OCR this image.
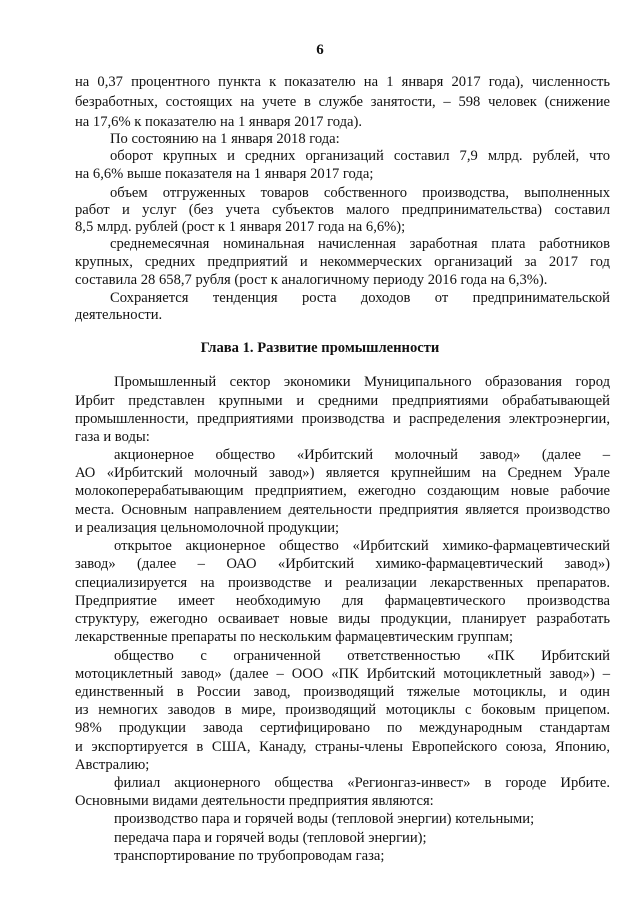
6
на 0,37 процентного пункта к показателю на 1 января 2017 года), численность
безработных, состоящих на учете в службе занятости, – 598 человек (снижение
на 17,6% к показателю на 1 января 2017 года).
По состоянию на 1 января 2018 года:
оборот крупных и средних организаций составил 7,9 млрд. рублей, что
на 6,6% выше показателя на 1 января 2017 года;
объем отгруженных товаров собственного производства, выполненных
работ и услуг (без учета субъектов малого предпринимательства) составил
8,5 млрд. рублей (рост к 1 января 2017 года на 6,6%);
среднемесячная номинальная начисленная заработная плата работников
крупных, средних предприятий и некоммерческих организаций за 2017 год
составила 28 658,7 рубля (рост к аналогичному периоду 2016 года на 6,3%).
Сохраняется тенденция роста доходов от предпринимательской
деятельности.
Глава 1. Развитие промышленности
Промышленный сектор экономики Муниципального образования город
Ирбит представлен крупными и средними предприятиями обрабатывающей
промышленности, предприятиями производства и распределения электроэнергии,
газа и воды:
акционерное общество «Ирбитский молочный завод» (далее –
АО «Ирбитский молочный завод») является крупнейшим на Среднем Урале
молокоперерабатывающим предприятием, ежегодно создающим новые рабочие
места. Основным направлением деятельности предприятия является производство
и реализация цельномолочной продукции;
открытое акционерное общество «Ирбитский химико-фармацевтический
завод» (далее – ОАО «Ирбитский химико-фармацевтический завод»)
специализируется на производстве и реализации лекарственных препаратов.
Предприятие имеет необходимую для фармацевтического производства
структуру, ежегодно осваивает новые виды продукции, планирует разработать
лекарственные препараты по нескольким фармацевтическим группам;
общество с ограниченной ответственностью «ПК Ирбитский
мотоциклетный завод» (далее – ООО «ПК Ирбитский мотоциклетный завод») –
единственный в России завод, производящий тяжелые мотоциклы, и один
из немногих заводов в мире, производящий мотоциклы с боковым прицепом.
98% продукции завода сертифицировано по международным стандартам
и экспортируется в США, Канаду, страны-члены Европейского союза, Японию,
Австралию;
филиал акционерного общества «Регионгаз-инвест» в городе Ирбите.
Основными видами деятельности предприятия являются:
производство пара и горячей воды (тепловой энергии) котельными;
передача пара и горячей воды (тепловой энергии);
транспортирование по трубопроводам газа;
